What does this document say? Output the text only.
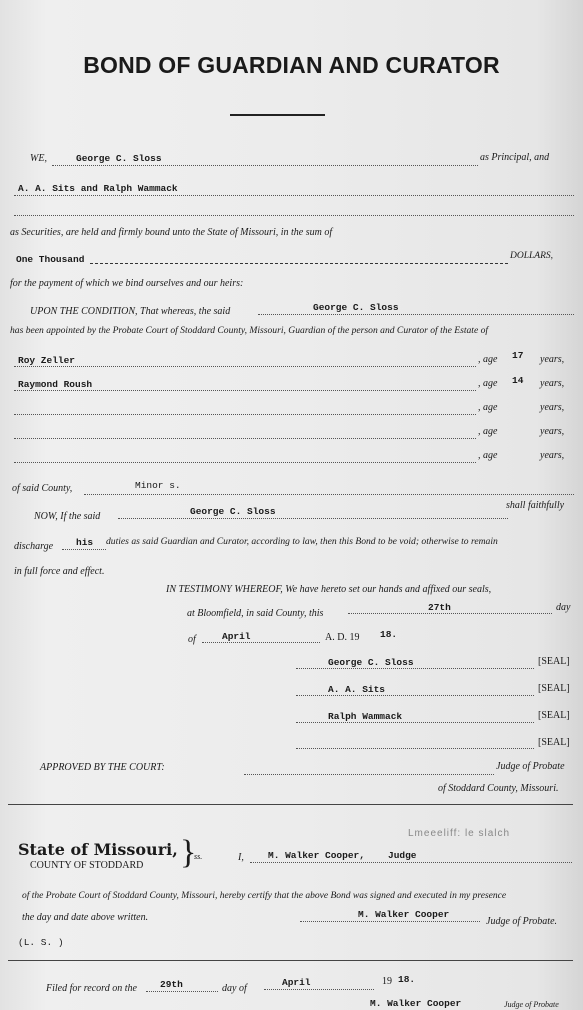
BOND OF GUARDIAN AND CURATOR
WE,	George C. Sloss	as Principal, and
A. A. Sits and Ralph Wammack
as Securities, are held and firmly bound unto the State of Missouri, in the sum of
One Thousand	DOLLARS,
for the payment of which we bind ourselves and our heirs:
UPON THE CONDITION, That whereas, the said	George C. Sloss
has been appointed by the Probate Court of Stoddard County, Missouri, Guardian of the person and Curator of the Estate of
Roy Zeller	, age 17 years,
Raymond Roush	, age 14 years,
, age	years,
, age	years,
, age	years,
of said County,	Minor s.
NOW, If the said	George C. Sloss
shall faithfully
discharge his duties as said Guardian and Curator, according to law, then this Bond to be void; otherwise to remain
in full force and effect.
IN TESTIMONY WHEREOF, We have hereto set our hands and affixed our seals,
at Bloomfield, in said County, this
27th	day
of	April	A. D. 19 18.
George C. Sloss	[SEAL]
A. A. Sits	[SEAL]
Ralph Wammack	[SEAL]
[SEAL]
APPROVED BY THE COURT:	Judge of Probate
of Stoddard County, Missouri.
State of Missouri,
COUNTY OF STODDARD }
ss.	I,	M. Walker Cooper, Judge
Lmeeeliff: le slalch
of the Probate Court of Stoddard County, Missouri, hereby certify that the above Bond was signed and executed in my presence
the day and date above written.	M. Walker Cooper
Judge of Probate.
(L. S. )
Filed for record on the 29th	day of
April	19 18.
M. Walker Cooper	Judge of Probate
